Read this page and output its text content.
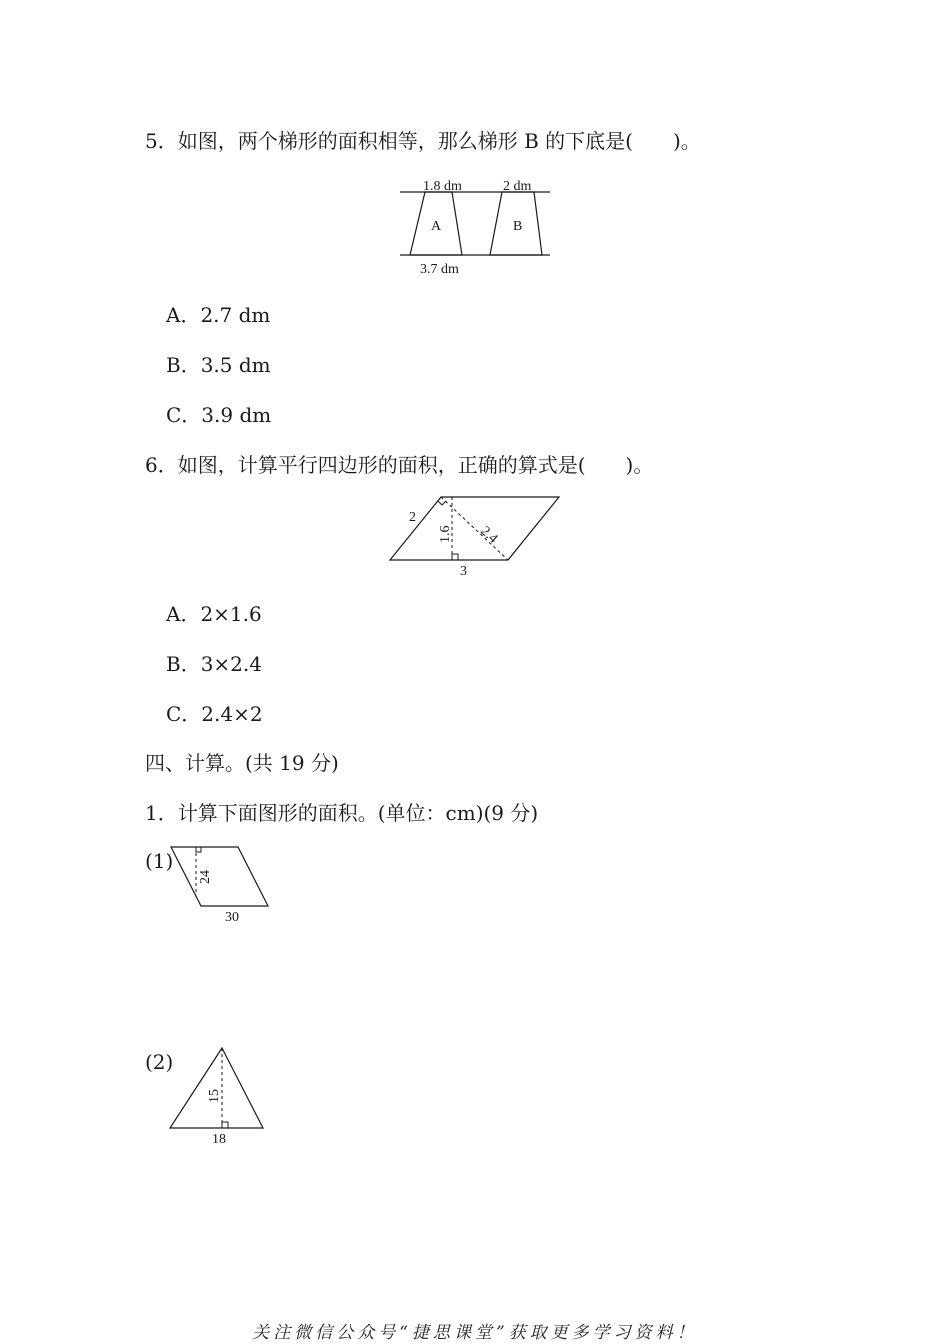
5．如图，两个梯形的面积相等，那么梯形 B 的下底是(　　)。
1.8 dm	2 dm
A	B
3.7 dm
A．2.7 dm
B．3.5 dm
C．3.9 dm
6．如图，计算平行四边形的面积，正确的算式是(　　)。
2
1.6 2.4
3
A．2×1.6
B．3×2.4
C．2.4×2
四、计算。(共 19 分)
1．计算下面图形的面积。(单位：cm)(9 分)
(1)
24
30
(2)
15
18
关注微信公众号“捷思课堂”获取更多学习资料！
